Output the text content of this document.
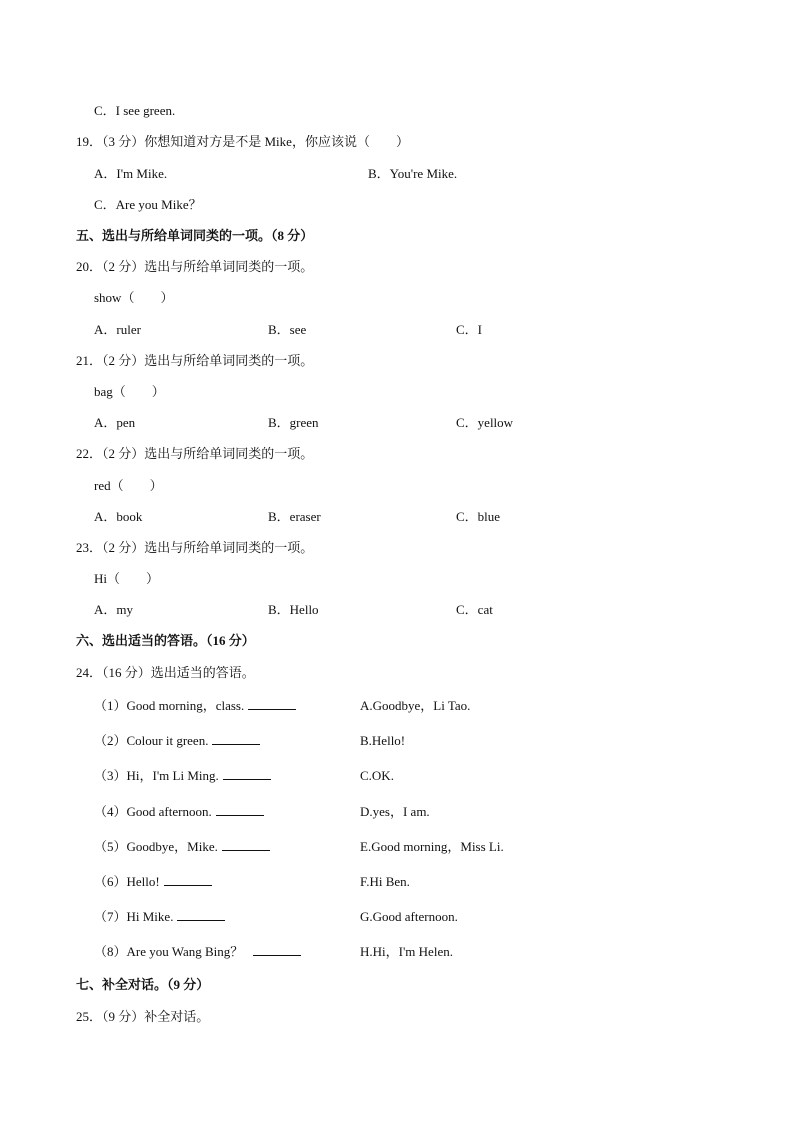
C．I see green.
19．（3 分）你想知道对方是不是 Mike，你应该说（　　）
A．I'm Mike.	B．You're Mike.
C．Are you Mike？
五、选出与所给单词同类的一项。（8 分）
20．（2 分）选出与所给单词同类的一项。
show（　　）
A．ruler	B．see	C．I
21．（2 分）选出与所给单词同类的一项。
bag（　　）
A．pen	B．green	C．yellow
22．（2 分）选出与所给单词同类的一项。
red（　　）
A．book	B．eraser	C．blue
23．（2 分）选出与所给单词同类的一项。
Hi（　　）
A．my	B．Hello	C．cat
六、选出适当的答语。（16 分）
24．（16 分）选出适当的答语。
（1）Good morning，class.	A.Goodbye，Li Tao.
（2）Colour it green.	B.Hello!
（3）Hi，I'm Li Ming.	C.OK.
（4）Good afternoon.	D.yes，I am.
（5）Goodbye，Mike.	E.Good morning，Miss Li.
（6）Hello!	F.Hi Ben.
（7）Hi Mike.	G.Good afternoon.
（8）Are you Wang Bing？	H.Hi，I'm Helen.
七、补全对话。（9 分）
25．（9 分）补全对话。
